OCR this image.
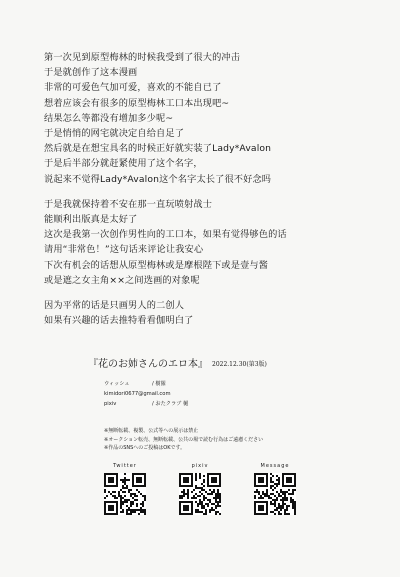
第一次见到原型梅林的时候我受到了很大的冲击

于是就创作了这本漫画

非常的可爱色气加可爱，喜欢的不能自已了

想着应该会有很多的原型梅林工口本出现吧~

结果怎么等都没有增加多少呢~

于是悄悄的网宅就决定自给自足了

然后就是在想宝具名的时候正好就实装了Lady*Avalon

于是后半部分就赶紧使用了这个名字，

说起来不觉得Lady*Avalon这个名字太长了很不好念吗

于是我就保持着不安在那一直玩喷射战士

能顺利出版真是太好了

这次是我第一次创作男性向的工口本，如果有觉得够色的话

请用“非常色！”这句话来评论让我安心

下次有机会的话想从原型梅林或是摩根陛下或是壹与酱

或是遮之女主角××之间选画的对象呢

因为平常的话是只画男人的二创人

如果有兴趣的话去推特看看伽明白了

『花のお姉さんのエロ本』 2022.12.30(第3版)
ウィッシュ	/ 樹羅
kimidori0677@gmail.com
pixiv	/ おたクラブ 樋

※無断転載、複製、公式等への展示は禁止

※オークション転売、無断転載、公共の場で読む行為はご遠慮ください

※作品のSNSへのご投稿はOKです。

Twitter	pixiv	Message
